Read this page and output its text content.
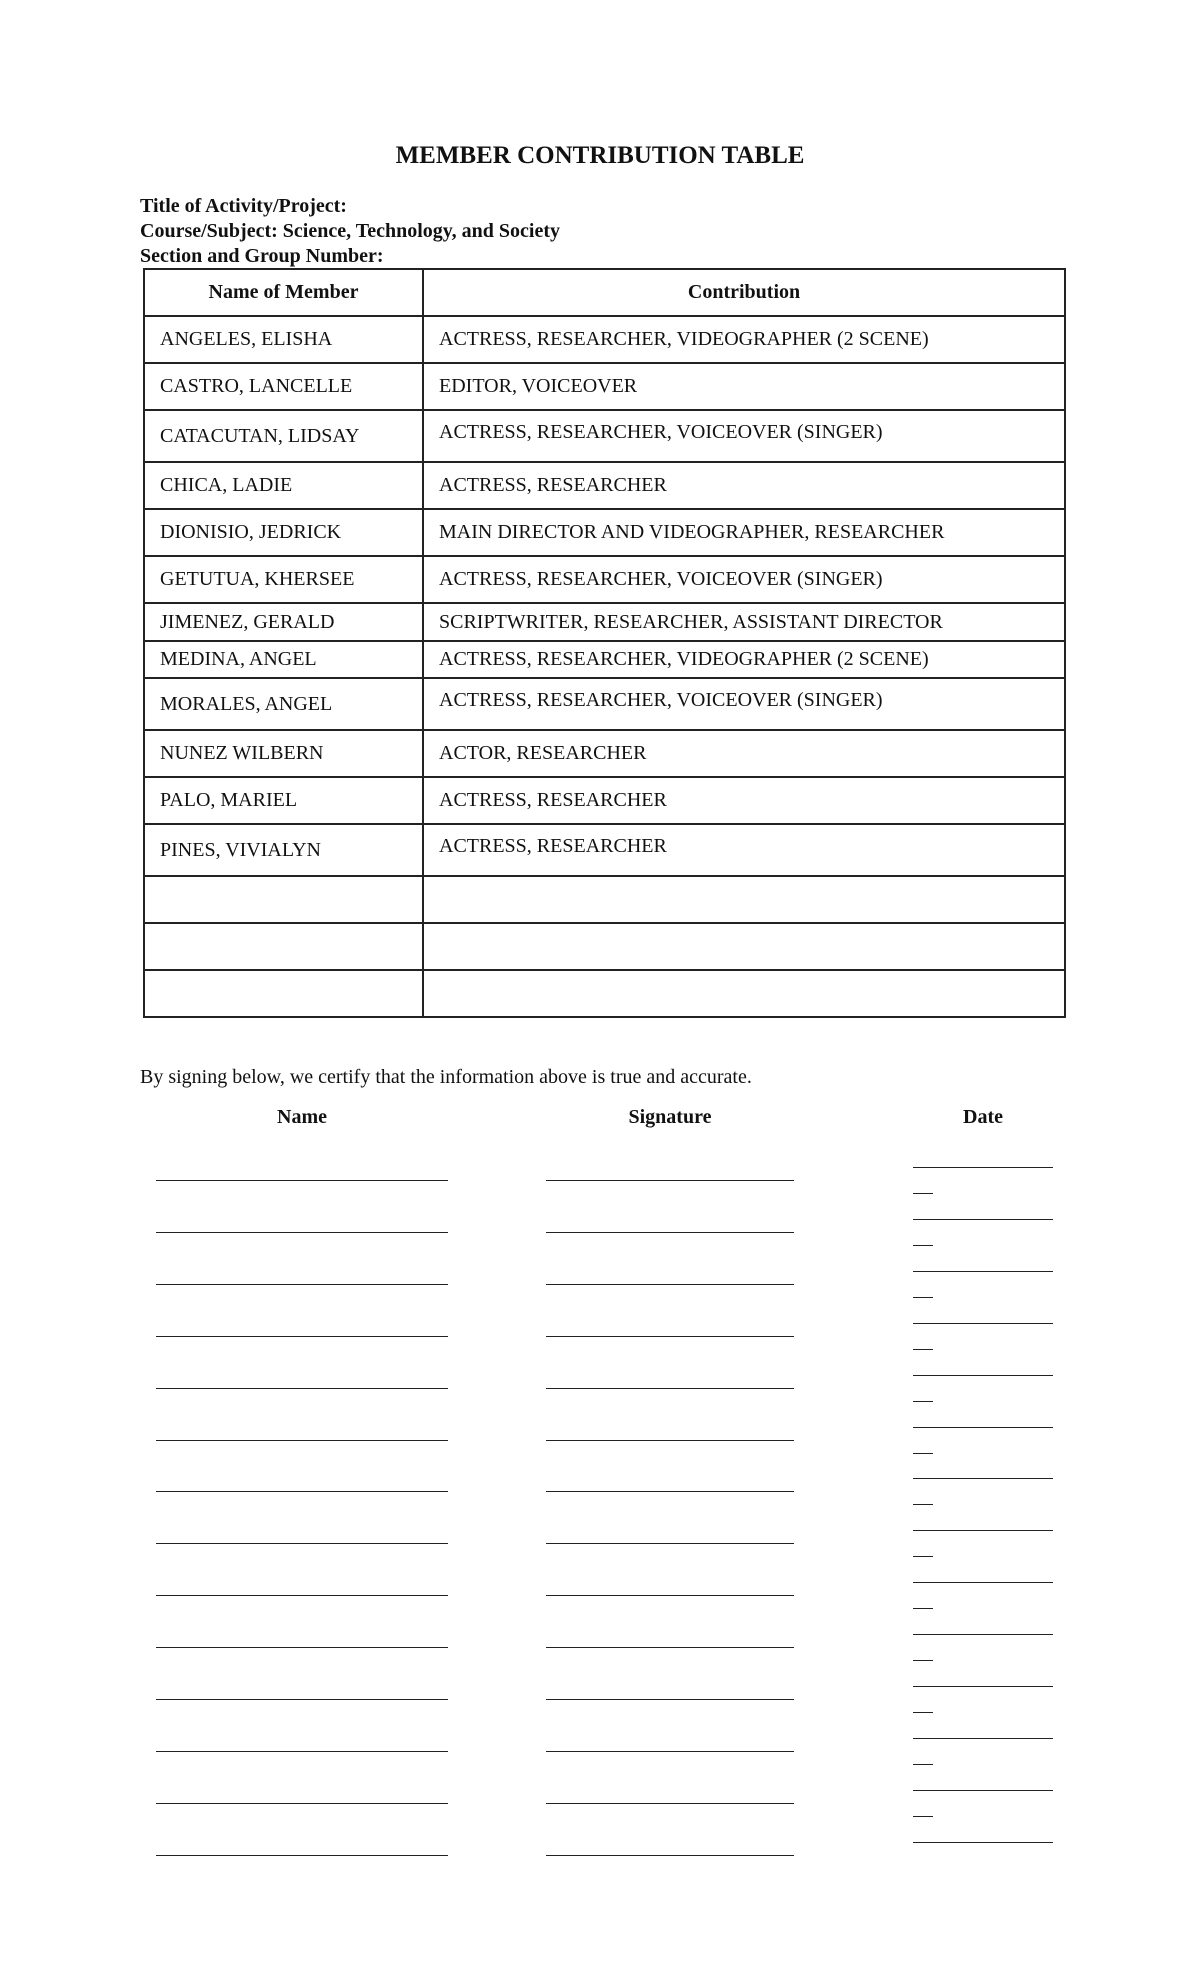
MEMBER CONTRIBUTION TABLE
Title of Activity/Project:
Course/Subject: Science, Technology, and Society
Section and Group Number:
Name of Member	Contribution
ANGELES, ELISHA	ACTRESS, RESEARCHER, VIDEOGRAPHER (2 SCENE)
CASTRO, LANCELLE	EDITOR, VOICEOVER
CATACUTAN, LIDSAY	ACTRESS, RESEARCHER, VOICEOVER (SINGER)
CHICA, LADIE	ACTRESS, RESEARCHER
DIONISIO, JEDRICK	MAIN DIRECTOR AND VIDEOGRAPHER, RESEARCHER
GETUTUA, KHERSEE	ACTRESS, RESEARCHER, VOICEOVER (SINGER)
JIMENEZ, GERALD	SCRIPTWRITER, RESEARCHER, ASSISTANT DIRECTOR
MEDINA, ANGEL	ACTRESS, RESEARCHER, VIDEOGRAPHER (2 SCENE)
MORALES, ANGEL	ACTRESS, RESEARCHER, VOICEOVER (SINGER)
NUNEZ WILBERN	ACTOR, RESEARCHER
PALO, MARIEL	ACTRESS, RESEARCHER
PINES, VIVIALYN	ACTRESS, RESEARCHER

By signing below, we certify that the information above is true and accurate.
Name	Signature	Date
